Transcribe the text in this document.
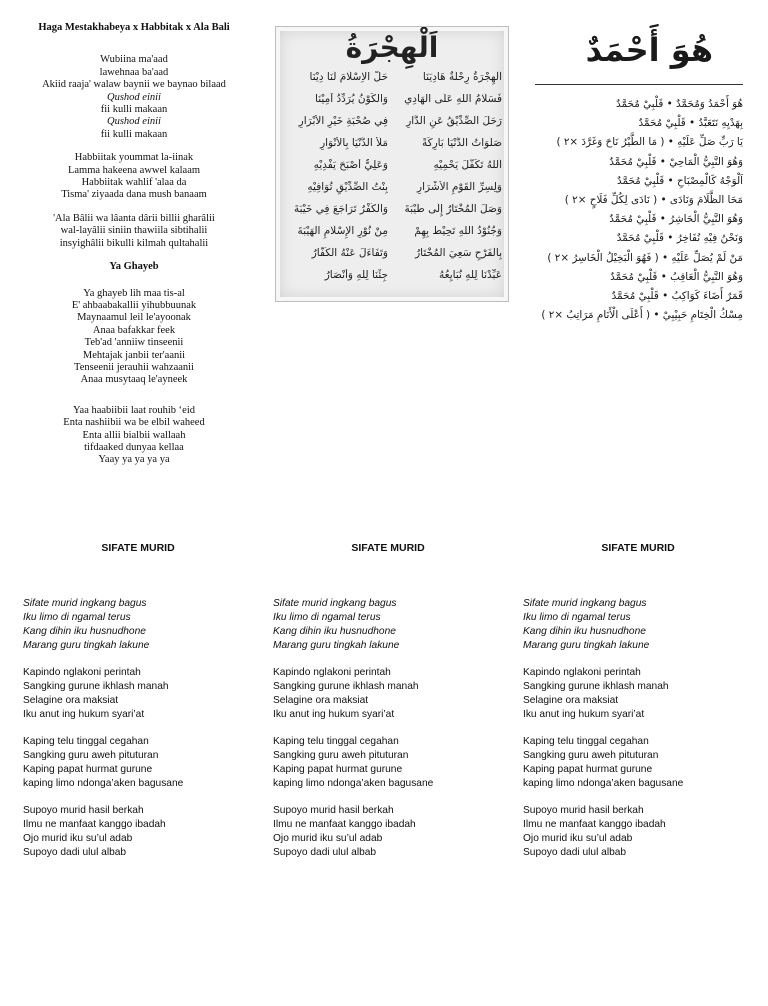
Haga Mestakhabeya x Habbitak x Ala Bali
Wubiina ma'aad
lawehnaa ba'aad
Akiid raaja' walaw baynii we baynao bilaad
Qushod einii
fii kulli makaan
Qushod einii
fii kulli makaan
Habbiitak yoummat la-iinak
Lamma hakeena awwel kalaam
Habbiitak wahlif 'alaa da
Tisma' ziyaada dana mush banaam
'Ala Bâlii wa lâanta dârii billii gharâlii
wal-layâlii siniin thawiila sibtihalii
insyighâlii bikulli kilmah qultahalii
Ya Ghayeb
Ya ghayeb lih maa tis-al
E' ahbaabakallii yihubbuunak
Maynaamul leil le'ayoonak
Anaa bafakkar feek
Teb'ad 'anniiw tinseenii
Mehtajak janbii ter'aanii
Tenseenii jerauhii wahzaanii
Anaa musytaaq le'ayneek
Yaa haabiibii laat rouhib ‘eid
Enta nashiibii wa be elbil waheed
Enta allii bialbii wallaah
tifdaaked dunyaa kellaa
Yaay ya ya ya ya
اَلْهِجْرَةُ
اَلْهِجْرَةُ رِحْلَةٌ هَادِيَنَا
حَلَّ الْاِسْلَامَ لَنَا دِيْنَا
فَسَلَامُ اللهِ عَلَى الْهَادِي
وَالْكَوْنُ يُرَدِّدُ آمِيْنَا
رَحَلَ الصِّدِّيْقُ عَنِ الدَّارِ
فِي صُحْبَةِ خَيْرِ الْأَبْرَارِ
صَلَوَاتُ الدُّنْيَا بَارِكَةً
مَلَأَ الدُّنْيَا بِالْأَنْوَارِ
اَللهُ تَكَفَّلَ يَحْمِيْهِ
وَعَلِيٌّ أَصْبَحَ يَفْدِيْهِ
وَلِسِرِّ الْقَوْمِ الْأَشْرَارِ
بِنْتُ الصِّدِّيْقِ تُوَافِيْهِ
وَصَلَ الْمُخْتَارُ إِلَى طَيْبَةَ
وَالْكُفْرُ تَرَاجَعَ فِي خَيْبَةَ
وَجُنُوْدُ اللهِ تَحِيْطُ بِهِمْ
مِنْ نُوْرِ الْإِسْلَامِ الْهَيْبَةَ
بِالْفَرْحِ سَعِيَ الْمُخْتَارُ
وَتَفَاءَلَ عَنْهُ الْكُفَّارُ
عَبِّدْنَا لِلْهِ نُبَايِعُهُ
جِئْنَا لِلْهِ وَأَنْصَارُ
هُوَ أَحْمَدٌ
هُوَ أَحْمَدُ وَمُحَمَّدٌ • قَلْبِيْ مُحَمَّدٌ
بِهَدْيِهِ نَتَعَبَّدُ • قَلْبِيْ مُحَمَّدٌ
يَا رَبِّ صَلِّ عَلَيْهِ • ( مَا الطَّيْرُ نَاحَ وَغَرَّدَ ×٢ )
وَهُوَ النَّبِيُّ الْمَاحِيْ • قَلْبِيْ مُحَمَّدٌ
اَلْوَجْهُ كَالْمِصْبَاحِ • قَلْبِيْ مُحَمَّدٌ
مَحَا الظَّلَامَ وَنَادَى • ( نَادَى لِكُلِّ فَلَاحٍ ×٢ )
وَهُوَ النَّبِيُّ الْحَاشِرُ • قَلْبِيْ مُحَمَّدٌ
وَنَحْنُ فِيْهِ نُفَاخِرُ • قَلْبِيْ مُحَمَّدٌ
مَنْ لَمْ يُصَلِّ عَلَيْهِ • ( فَهُوَ الْبَخِيْلُ الْخَاسِرُ ×٢ )
وَهُوَ النَّبِيُّ الْعَاقِبُ • قَلْبِيْ مُحَمَّدٌ
قَمَرٌ أَضَاءَ كَوَاكِبُ • قَلْبِيْ مُحَمَّدٌ
مِسْكُ الْخِتَامِ حَبِيْبِيْ • ( أَعْلَى الْأَنَامِ مَرَاتِبُ ×٢ )
SIFATE MURID
Sifate murid ingkang bagus
Iku limo di ngamal terus
Kang dihin iku husnudhone
Marang guru tingkah lakune
Kapindo nglakoni perintah
Sangking gurune ikhlash manah
Selagine ora maksiat
Iku anut ing hukum syari’at
Kaping telu tinggal cegahan
Sangking guru aweh pituturan
Kaping papat hurmat gurune
kaping limo ndonga’aken bagusane
Supoyo murid hasil berkah
Ilmu ne manfaat kanggo ibadah
Ojo murid iku su’ul adab
Supoyo dadi ulul albab
SIFATE MURID
Sifate murid ingkang bagus
Iku limo di ngamal terus
Kang dihin iku husnudhone
Marang guru tingkah lakune
Kapindo nglakoni perintah
Sangking gurune ikhlash manah
Selagine ora maksiat
Iku anut ing hukum syari’at
Kaping telu tinggal cegahan
Sangking guru aweh pituturan
Kaping papat hurmat gurune
kaping limo ndonga’aken bagusane
Supoyo murid hasil berkah
Ilmu ne manfaat kanggo ibadah
Ojo murid iku su’ul adab
Supoyo dadi ulul albab
SIFATE MURID
Sifate murid ingkang bagus
Iku limo di ngamal terus
Kang dihin iku husnudhone
Marang guru tingkah lakune
Kapindo nglakoni perintah
Sangking gurune ikhlash manah
Selagine ora maksiat
Iku anut ing hukum syari’at
Kaping telu tinggal cegahan
Sangking guru aweh pituturan
Kaping papat hurmat gurune
kaping limo ndonga’aken bagusane
Supoyo murid hasil berkah
Ilmu ne manfaat kanggo ibadah
Ojo murid iku su’ul adab
Supoyo dadi ulul albab
